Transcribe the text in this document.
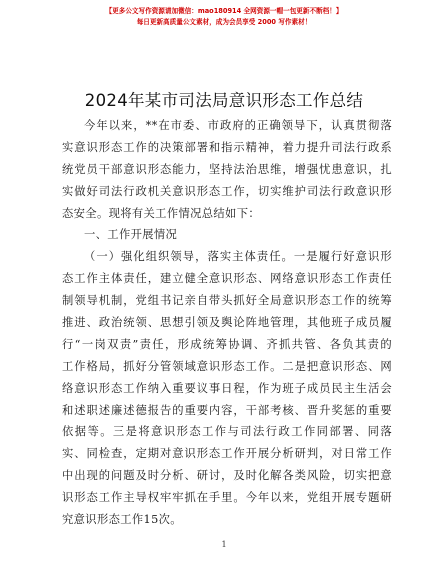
【更多公文写作资源请加微信：mao180914 全网资源一帽一包更新不断档！】
每日更新高质量公文素材，成为会员享受 2000 写作素材！
2024年某市司法局意识形态工作总结
今年以来，**在市委、市政府的正确领导下，认真贯彻落
实意识形态工作的决策部署和指示精神，着力提升司法行政系
统党员干部意识形态能力，坚持法治思维，增强忧患意识，扎
实做好司法行政机关意识形态工作，切实维护司法行政意识形
态安全。现将有关工作情况总结如下：
一、工作开展情况
（一）强化组织领导，落实主体责任。一是履行好意识形
态工作主体责任，建立健全意识形态、网络意识形态工作责任
制领导机制，党组书记亲自带头抓好全局意识形态工作的统筹
推进、政治统领、思想引领及舆论阵地管理，其他班子成员履
行“一岗双责”责任，形成统筹协调、齐抓共管、各负其责的
工作格局，抓好分管领域意识形态工作。二是把意识形态、网
络意识形态工作纳入重要议事日程，作为班子成员民主生活会
和述职述廉述德报告的重要内容，干部考核、晋升奖惩的重要
依据等。三是将意识形态工作与司法行政工作同部署、同落
实、同检查，定期对意识形态工作开展分析研判，对日常工作
中出现的问题及时分析、研讨，及时化解各类风险，切实把意
识形态工作主导权牢牢抓在手里。今年以来，党组开展专题研
究意识形态工作15次。
1
